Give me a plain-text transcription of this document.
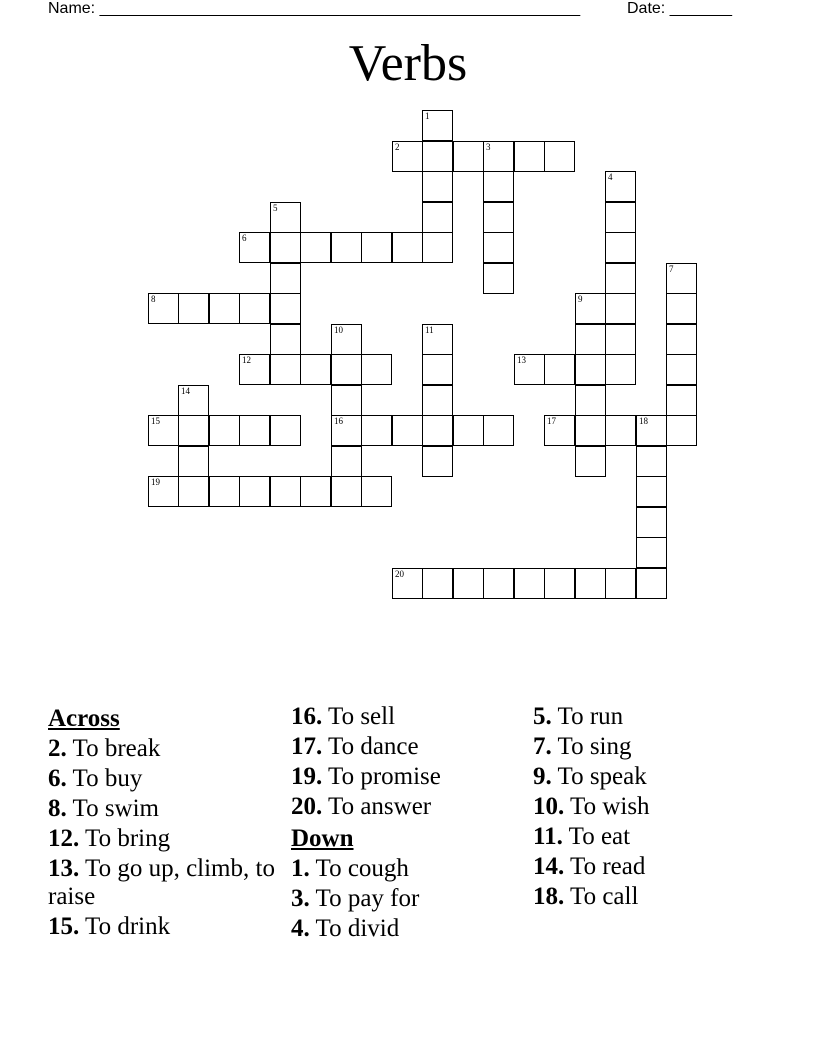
Name: ______________________________________________________	Date: _______
Verbs
1
2	3
4
5
6
7
8	9
10	11
12	13
14
15	16	17	18
19
20
Across
2. To break
6. To buy
8. To swim
12. To bring
13. To go up, climb, to raise
15. To drink
16. To sell
17. To dance
19. To promise
20. To answer
Down
1. To cough
3. To pay for
4. To divid
5. To run
7. To sing
9. To speak
10. To wish
11. To eat
14. To read
18. To call
